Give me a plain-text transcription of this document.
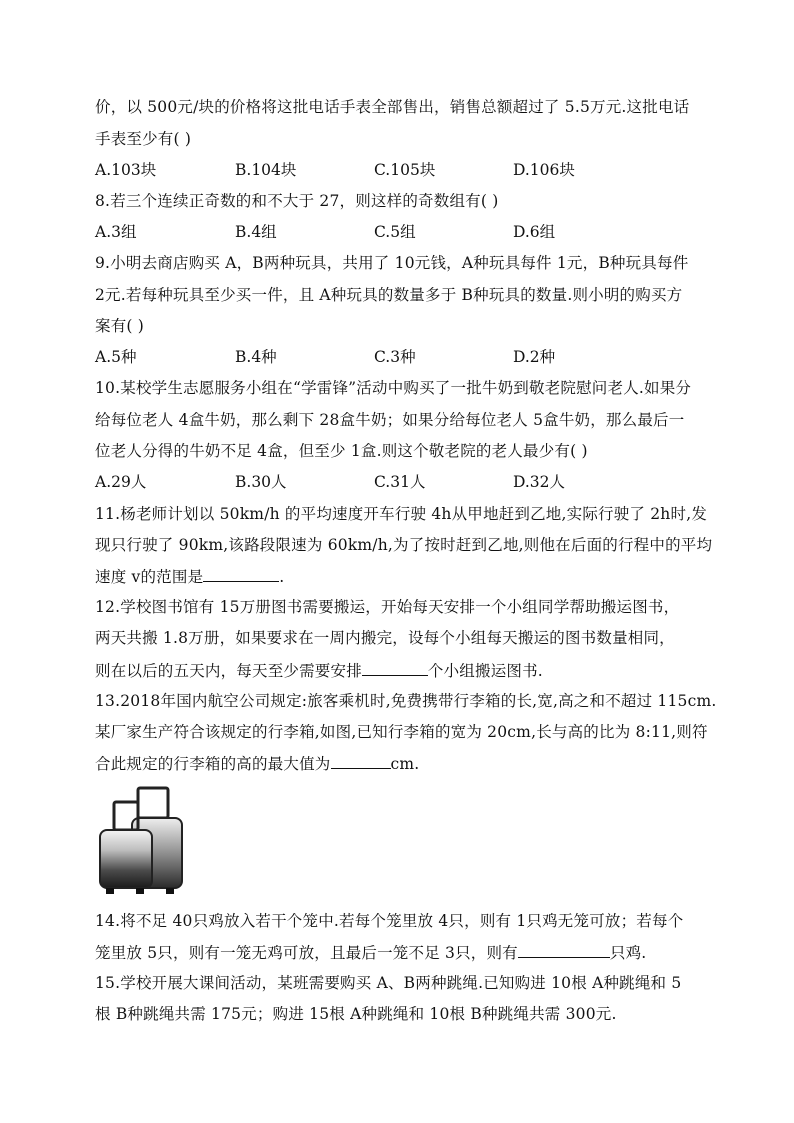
价，以 500元/块的价格将这批电话手表全部售出，销售总额超过了 5.5万元.这批电话
手表至少有( )
A.103块	B.104块	C.105块	D.106块
8.若三个连续正奇数的和不大于 27，则这样的奇数组有( )
A.3组	B.4组	C.5组	D.6组
9.小明去商店购买 A，B两种玩具，共用了 10元钱，A种玩具每件 1元，B种玩具每件
2元.若每种玩具至少买一件，且 A种玩具的数量多于 B种玩具的数量.则小明的购买方
案有( )
A.5种	B.4种	C.3种	D.2种
10.某校学生志愿服务小组在“学雷锋”活动中购买了一批牛奶到敬老院慰问老人.如果分
给每位老人 4盒牛奶，那么剩下 28盒牛奶；如果分给每位老人 5盒牛奶，那么最后一
位老人分得的牛奶不足 4盒，但至少 1盒.则这个敬老院的老人最少有( )
A.29人	B.30人	C.31人	D.32人
11.杨老师计划以 50km/h 的平均速度开车行驶 4h从甲地赶到乙地,实际行驶了 2h时,发
现只行驶了 90km,该路段限速为 60km/h,为了按时赶到乙地,则他在后面的行程中的平均
速度 v的范围是	.
12.学校图书馆有 15万册图书需要搬运，开始每天安排一个小组同学帮助搬运图书，
两天共搬 1.8万册，如果要求在一周内搬完，设每个小组每天搬运的图书数量相同，
则在以后的五天内，每天至少需要安排	个小组搬运图书.
13.2018年国内航空公司规定:旅客乘机时,免费携带行李箱的长,宽,高之和不超过 115cm.
某厂家生产符合该规定的行李箱,如图,已知行李箱的宽为 20cm,长与高的比为 8:11,则符
合此规定的行李箱的高的最大值为	cm.
14.将不足 40只鸡放入若干个笼中.若每个笼里放 4只，则有 1只鸡无笼可放；若每个
笼里放 5只，则有一笼无鸡可放，且最后一笼不足 3只，则有	只鸡.
15.学校开展大课间活动，某班需要购买 A、B两种跳绳.已知购进 10根 A种跳绳和 5
根 B种跳绳共需 175元；购进 15根 A种跳绳和 10根 B种跳绳共需 300元.
